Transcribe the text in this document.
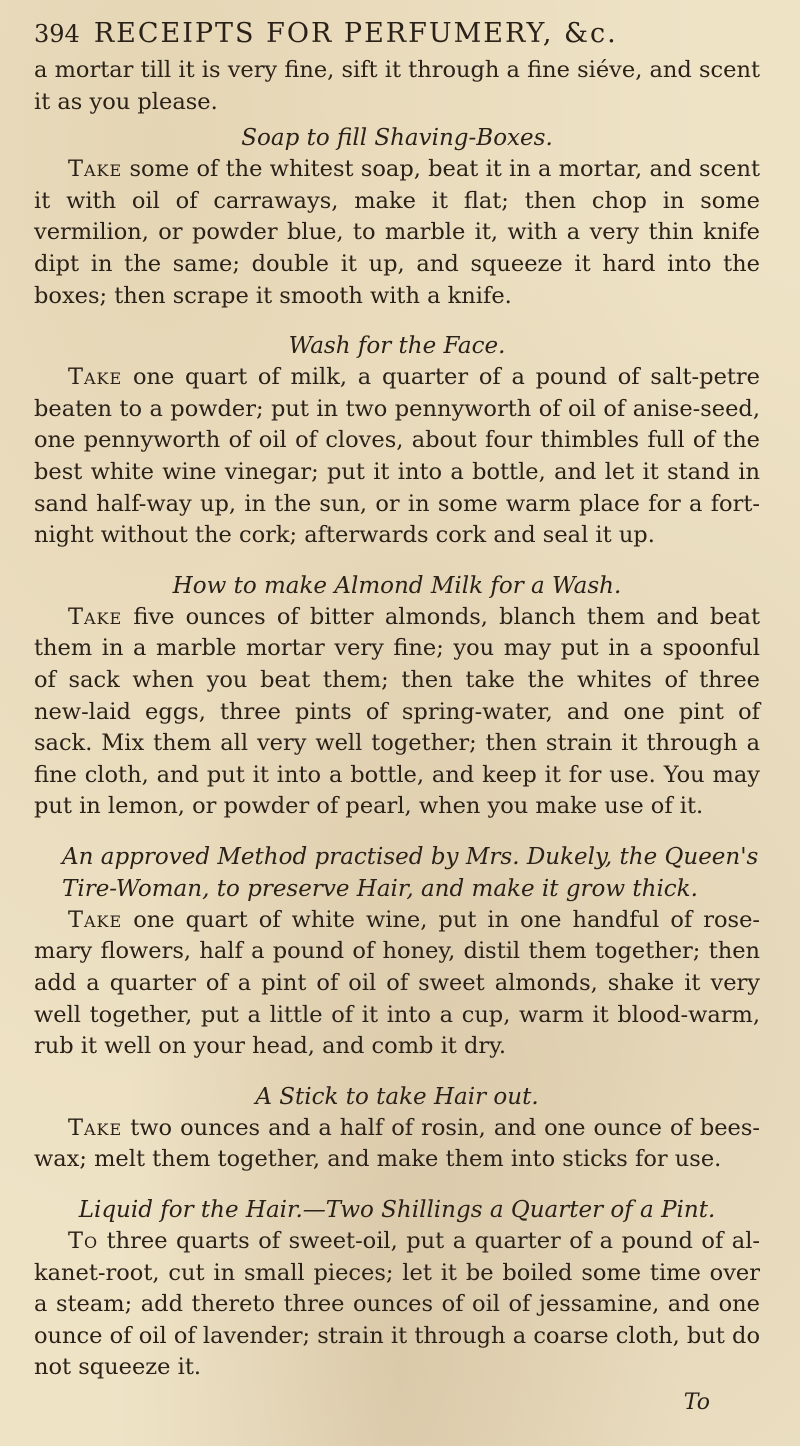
394 RECEIPTS FOR PERFUMERY, &c.

a mortar till it is very fine, sift it through a fine siéve, and scent it as you please.

Soap to fill Shaving-Boxes.

Take some of the whitest soap, beat it in a mortar, and scent it with oil of carraways, make it flat; then chop in some vermilion, or powder blue, to marble it, with a very thin knife dipt in the same; double it up, and squeeze it hard into the boxes; then scrape it smooth with a knife.

Wash for the Face.

Take one quart of milk, a quarter of a pound of salt-petre beaten to a powder; put in two pennyworth of oil of anise-seed, one pennyworth of oil of cloves, about four thimbles full of the best white wine vinegar; put it into a bottle, and let it stand in sand half-way up, in the sun, or in some warm place for a fort-night without the cork; afterwards cork and seal it up.

How to make Almond Milk for a Wash.

Take five ounces of bitter almonds, blanch them and beat them in a marble mortar very fine; you may put in a spoonful of sack when you beat them; then take the whites of three new-laid eggs, three pints of spring-water, and one pint of sack. Mix them all very well together; then strain it through a fine cloth, and put it into a bottle, and keep it for use. You may put in lemon, or powder of pearl, when you make use of it.

An approved Method practised by Mrs. Dukely, the Queen's Tire-Woman, to preserve Hair, and make it grow thick.

Take one quart of white wine, put in one handful of rose-mary flowers, half a pound of honey, distil them together; then add a quarter of a pint of oil of sweet almonds, shake it very well together, put a little of it into a cup, warm it blood-warm, rub it well on your head, and comb it dry.

A Stick to take Hair out.

Take two ounces and a half of rosin, and one ounce of bees-wax; melt them together, and make them into sticks for use.

Liquid for the Hair.—Two Shillings a Quarter of a Pint.

To three quarts of sweet-oil, put a quarter of a pound of al-kanet-root, cut in small pieces; let it be boiled some time over a steam; add thereto three ounces of oil of jessamine, and one ounce of oil of lavender; strain it through a coarse cloth, but do not squeeze it.

To
